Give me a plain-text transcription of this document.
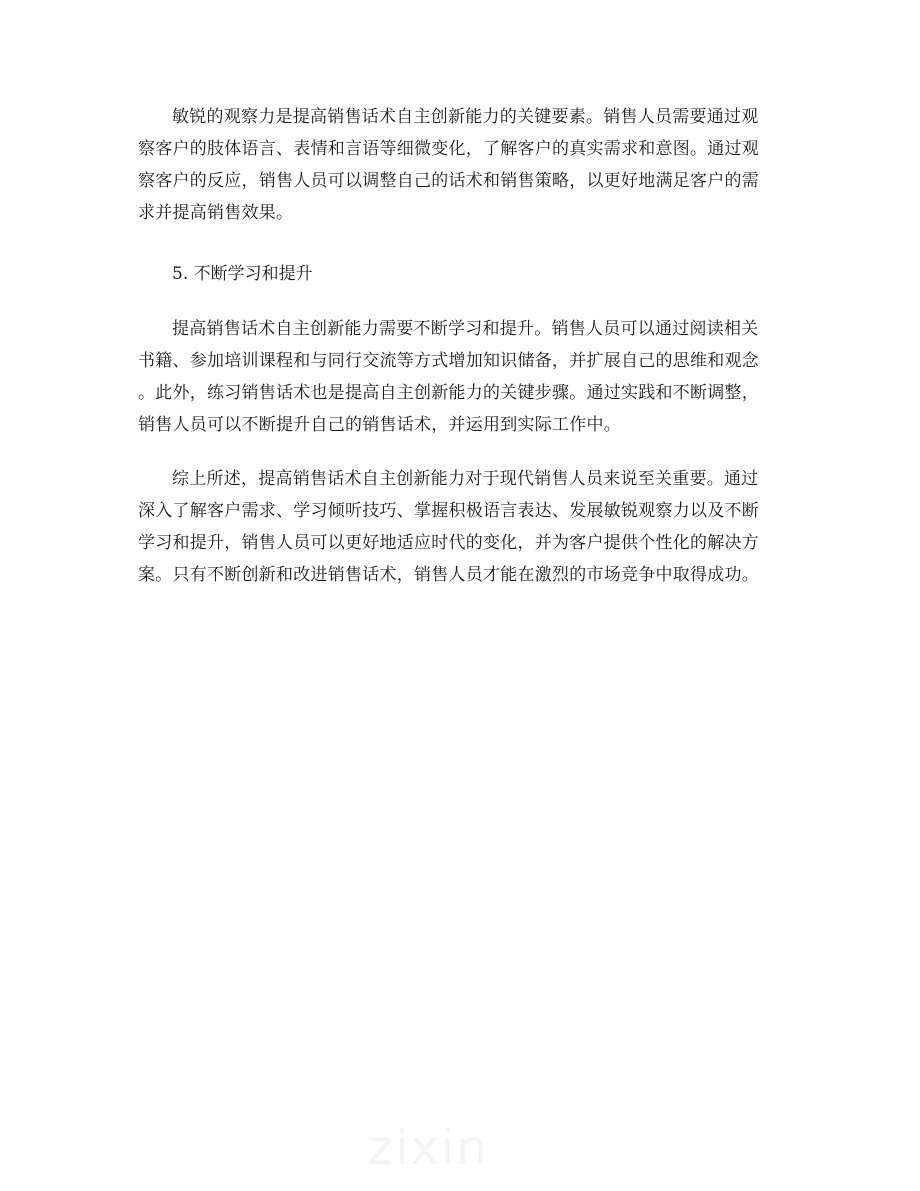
敏锐的观察力是提高销售话术自主创新能力的关键要素。销售人员需要通过观
察客户的肢体语言、表情和言语等细微变化，了解客户的真实需求和意图。通过观
察客户的反应，销售人员可以调整自己的话术和销售策略，以更好地满足客户的需
求并提高销售效果。

5. 不断学习和提升

提高销售话术自主创新能力需要不断学习和提升。销售人员可以通过阅读相关
书籍、参加培训课程和与同行交流等方式增加知识储备，并扩展自己的思维和观念
。此外，练习销售话术也是提高自主创新能力的关键步骤。通过实践和不断调整，
销售人员可以不断提升自己的销售话术，并运用到实际工作中。

综上所述，提高销售话术自主创新能力对于现代销售人员来说至关重要。通过
深入了解客户需求、学习倾听技巧、掌握积极语言表达、发展敏锐观察力以及不断
学习和提升，销售人员可以更好地适应时代的变化，并为客户提供个性化的解决方
案。只有不断创新和改进销售话术，销售人员才能在激烈的市场竞争中取得成功。

zixin
